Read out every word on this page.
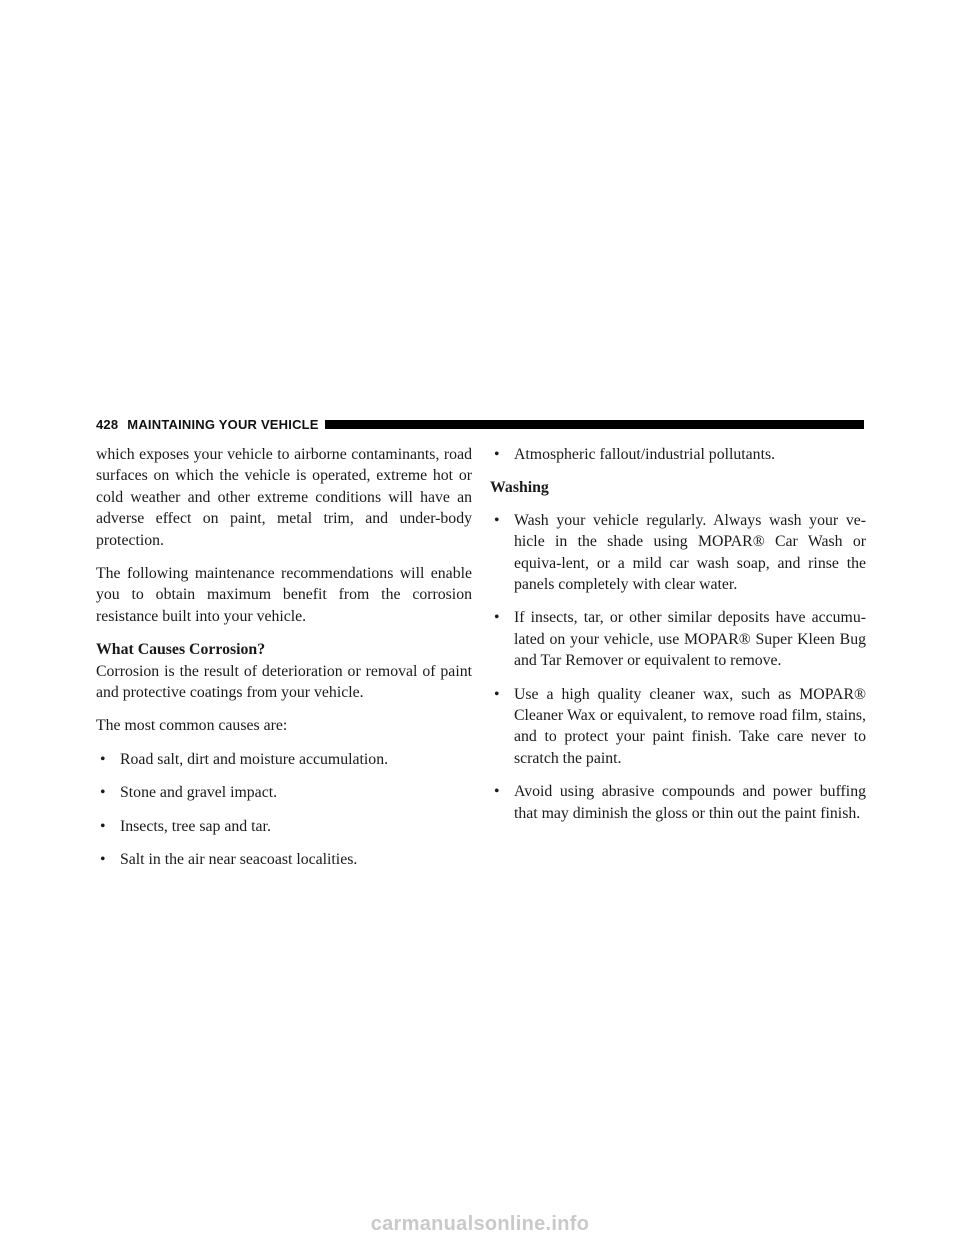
428 MAINTAINING YOUR VEHICLE

which exposes your vehicle to airborne contaminants, road surfaces on which the vehicle is operated, extreme hot or cold weather and other extreme conditions will have an adverse effect on paint, metal trim, and under-body protection.

The following maintenance recommendations will enable you to obtain maximum benefit from the corrosion resistance built into your vehicle.

What Causes Corrosion?

Corrosion is the result of deterioration or removal of paint and protective coatings from your vehicle.

The most common causes are:

• Road salt, dirt and moisture accumulation.
• Stone and gravel impact.
• Insects, tree sap and tar.
• Salt in the air near seacoast localities.
• Atmospheric fallout/industrial pollutants.
Washing
• Wash your vehicle regularly. Always wash your ve-hicle in the shade using MOPAR® Car Wash or equiva-lent, or a mild car wash soap, and rinse the panels completely with clear water.
• If insects, tar, or other similar deposits have accumu-lated on your vehicle, use MOPAR® Super Kleen Bug and Tar Remover or equivalent to remove.
• Use a high quality cleaner wax, such as MOPAR® Cleaner Wax or equivalent, to remove road film, stains, and to protect your paint finish. Take care never to scratch the paint.
• Avoid using abrasive compounds and power buffing that may diminish the gloss or thin out the paint finish.
carmanualsonline.info
